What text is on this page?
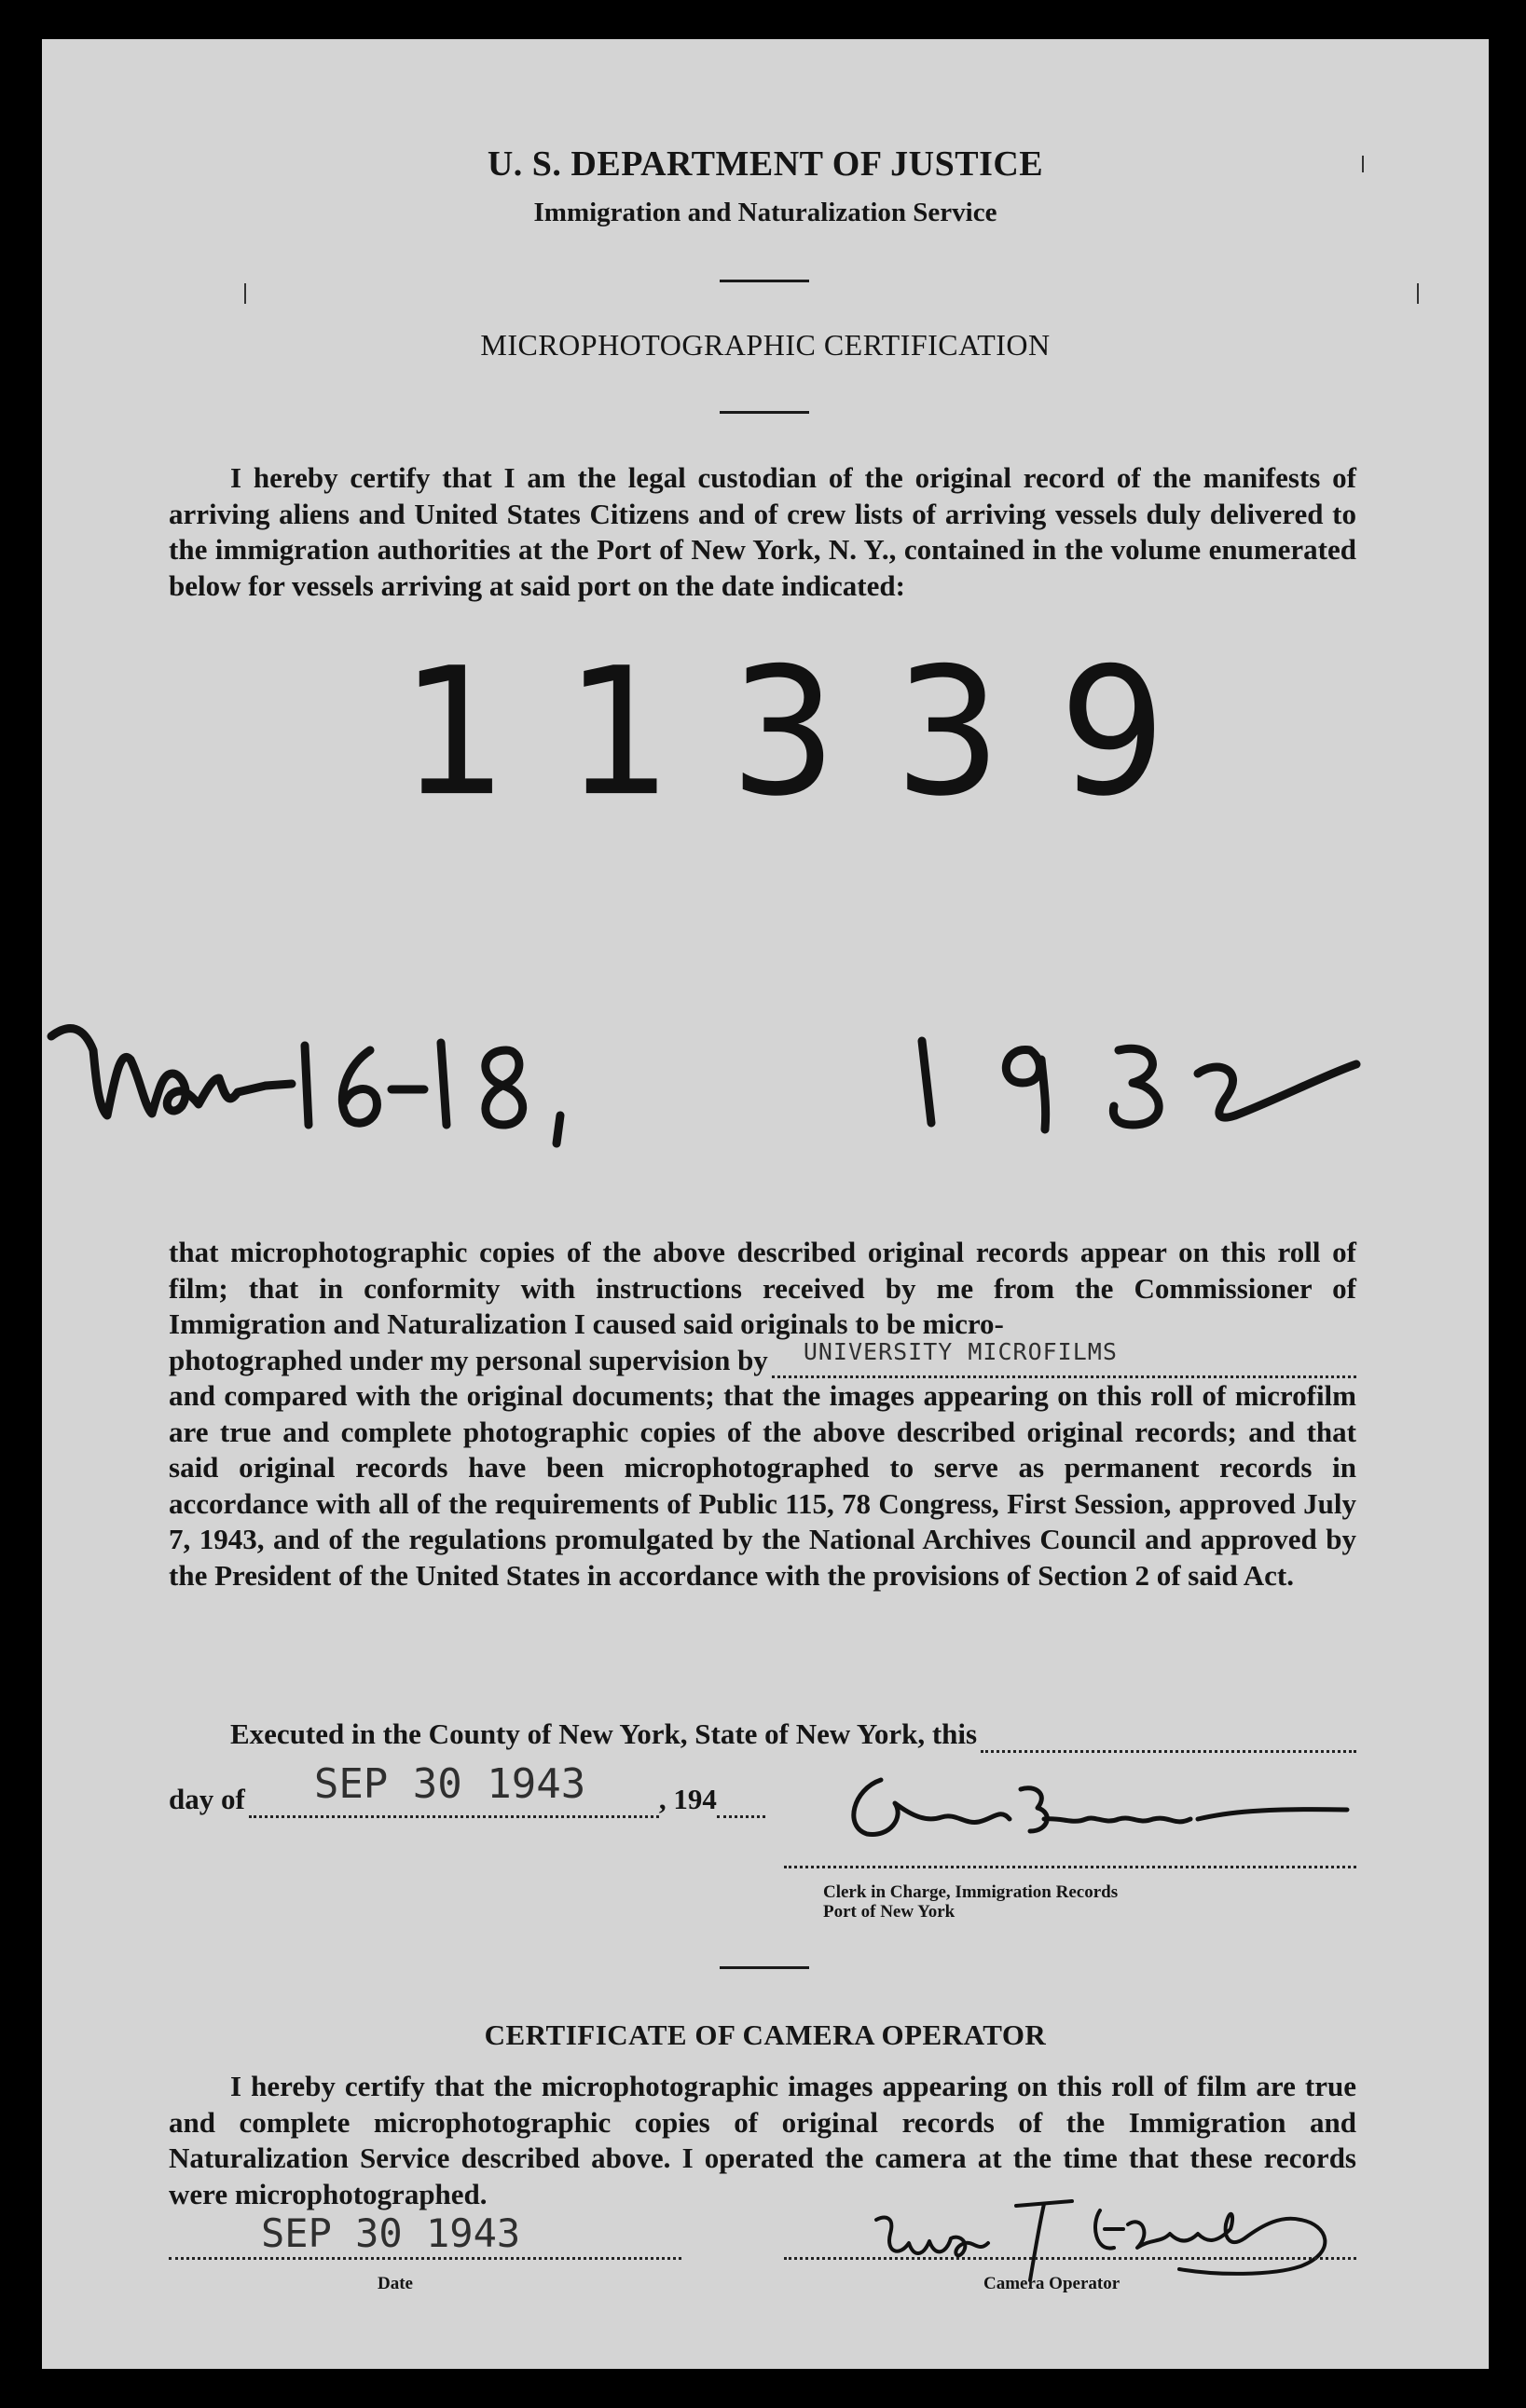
U. S. DEPARTMENT OF JUSTICE
Immigration and Naturalization Service
MICROPHOTOGRAPHIC CERTIFICATION

I hereby certify that I am the legal custodian of the original record of the manifests of arriving aliens and United States Citizens and of crew lists of arriving vessels duly delivered to the immigration authorities at the Port of New York, N. Y., contained in the volume enumerated below for vessels arriving at said port on the date indicated:

11339

that microphotographic copies of the above described original records appear on this roll of film; that in conformity with instructions received by me from the Commissioner of Immigration and Naturalization I caused said originals to be micro-

photographed under my personal supervision by UNIVERSITY MICROFILMS

and compared with the original documents; that the images appearing on this roll of microfilm are true and complete photographic copies of the above described original records; and that said original records have been microphotographed to serve as permanent records in accordance with all of the requirements of Public 115, 78 Congress, First Session, approved July 7, 1943, and of the regulations promulgated by the National Archives Council and approved by the President of the United States in accordance with the provisions of Section 2 of said Act.

Executed in the County of New York, State of New York, this
day of SEP 30 1943	, 194
Clerk in Charge, Immigration Records
Port of New York
CERTIFICATE OF CAMERA OPERATOR

I hereby certify that the microphotographic images appearing on this roll of film are true and complete microphotographic copies of original records of the Immigration and Naturalization Service described above. I operated the camera at the time that these records were microphotographed.

SEP 30 1943
Date	Camera Operator
